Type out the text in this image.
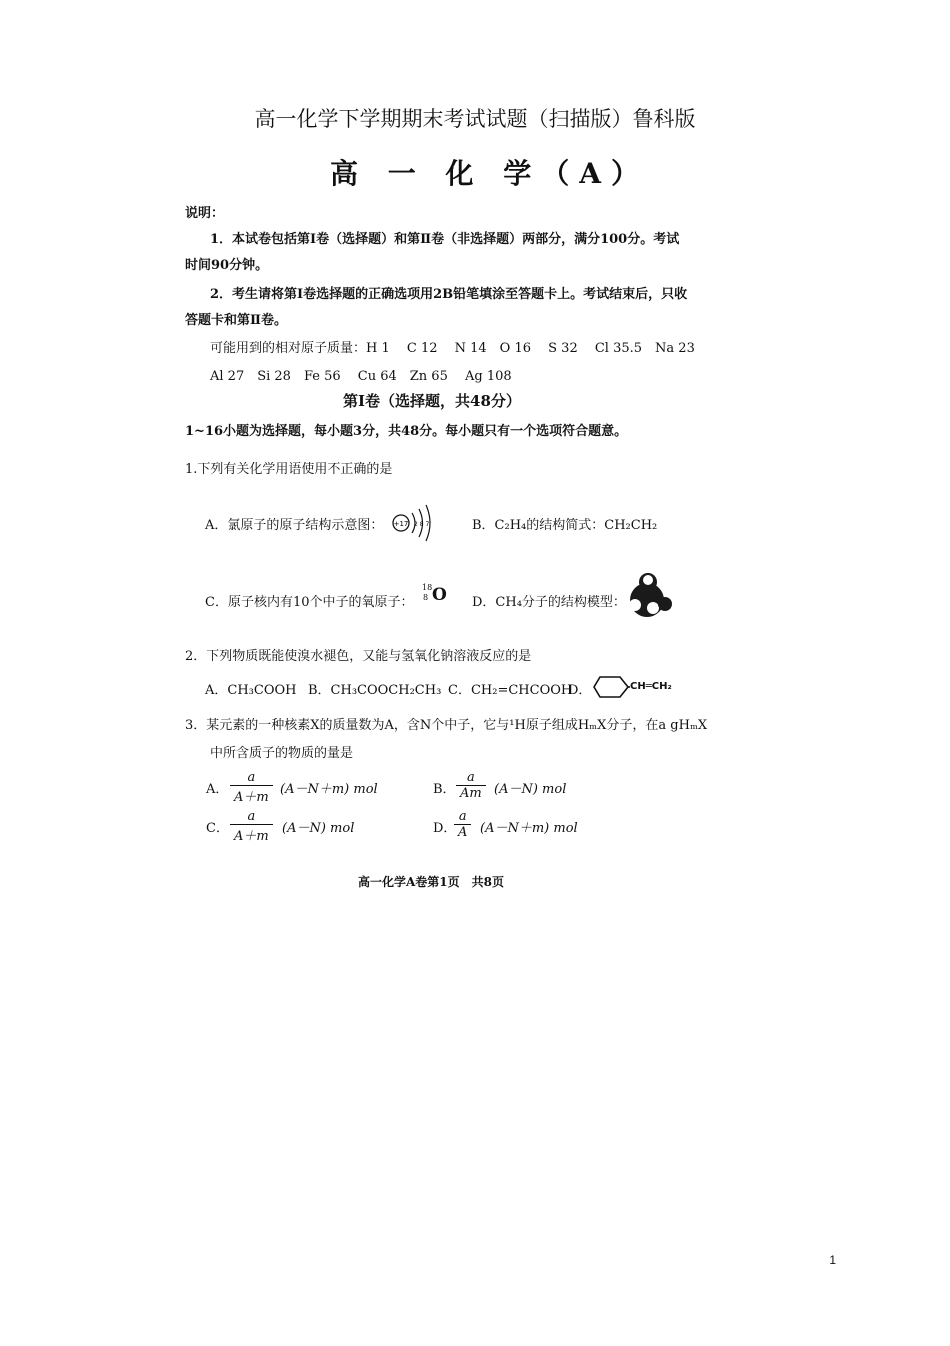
高一化学下学期期末考试试题（扫描版）鲁科版
高 一 化 学（A）
说明：
1．本试卷包括第Ⅰ卷（选择题）和第Ⅱ卷（非选择题）两部分，满分100分。考试
时间90分钟。
2．考生请将第Ⅰ卷选择题的正确选项用2B铅笔填涂至答题卡上。考试结束后，只收
答题卡和第Ⅱ卷。
可能用到的相对原子质量：H 1　 C 12　 N 14　O 16　 S 32　 Cl 35.5　Na 23
Al 27　Si 28　Fe 56　 Cu 64　Zn 65　 Ag 108
第Ⅰ卷（选择题，共48分）
1~16小题为选择题，每小题3分，共48分。每小题只有一个选项符合题意。
1.下列有关化学用语使用不正确的是
A．氯原子的原子结构示意图： +17 2 8 7	B．C₂H₄的结构简式：CH₂CH₂
C．原子核内有10个中子的氧原子：
18
8 O D．CH₄分子的结构模型：
2．下列物质既能使溴水褪色，又能与氢氧化钠溶液反应的是
A．CH₃COOH B．CH₃COOCH₂CH₃ C．CH₂=CHCOOH
D．	CH═CH₂
3．某元素的一种核素X的质量数为A，含N个中子，它与¹H原子组成HₘX分子，在a gHₘX
中所含质子的物质的量是
A． $\frac{a}{A+m} (A-N+m)$ mol	B． $\frac{a}{Am} (A-N)$ mol
C． $\frac{a}{A+m} (A-N)$ mol	D．
$\frac{a}{A} (A-N+m)$ mol
高一化学A卷第1页　共8页
1
